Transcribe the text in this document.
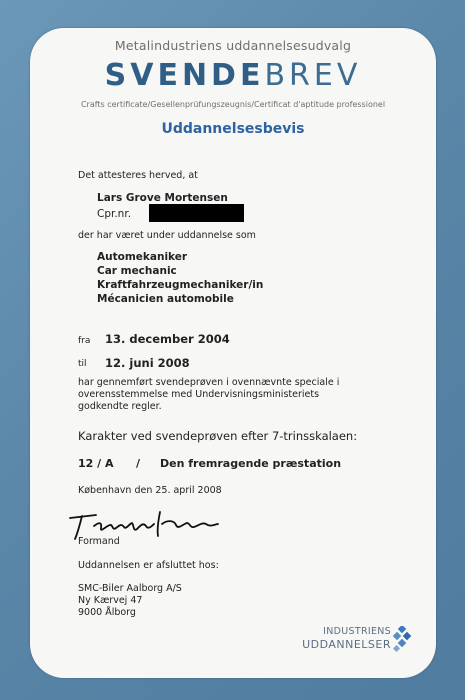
Metalindustriens uddannelsesudvalg
SVENDEBREV
Crafts certificate/Gesellenprüfungszeugnis/Certificat d'aptitude professionel
Uddannelsesbevis
Det attesteres herved, at
Lars Grove Mortensen
Cpr.nr.
der har været under uddannelse som
Automekaniker
Car mechanic
Kraftfahrzeugmechaniker/in
Mécanicien automobile
fra 13. december 2004
til 12. juni 2008
har gennemført svendeprøven i ovennævnte speciale i
overensstemmelse med Undervisningsministeriets
godkendte regler.
Karakter ved svendeprøven efter 7-trinsskalaen:
12 / A / Den fremragende præstation
København den 25. april 2008
Formand
Uddannelsen er afsluttet hos:
SMC-Biler Aalborg A/S
Ny Kærvej 47
9000 Ålborg
INDUSTRIENS
UDDANNELSER
